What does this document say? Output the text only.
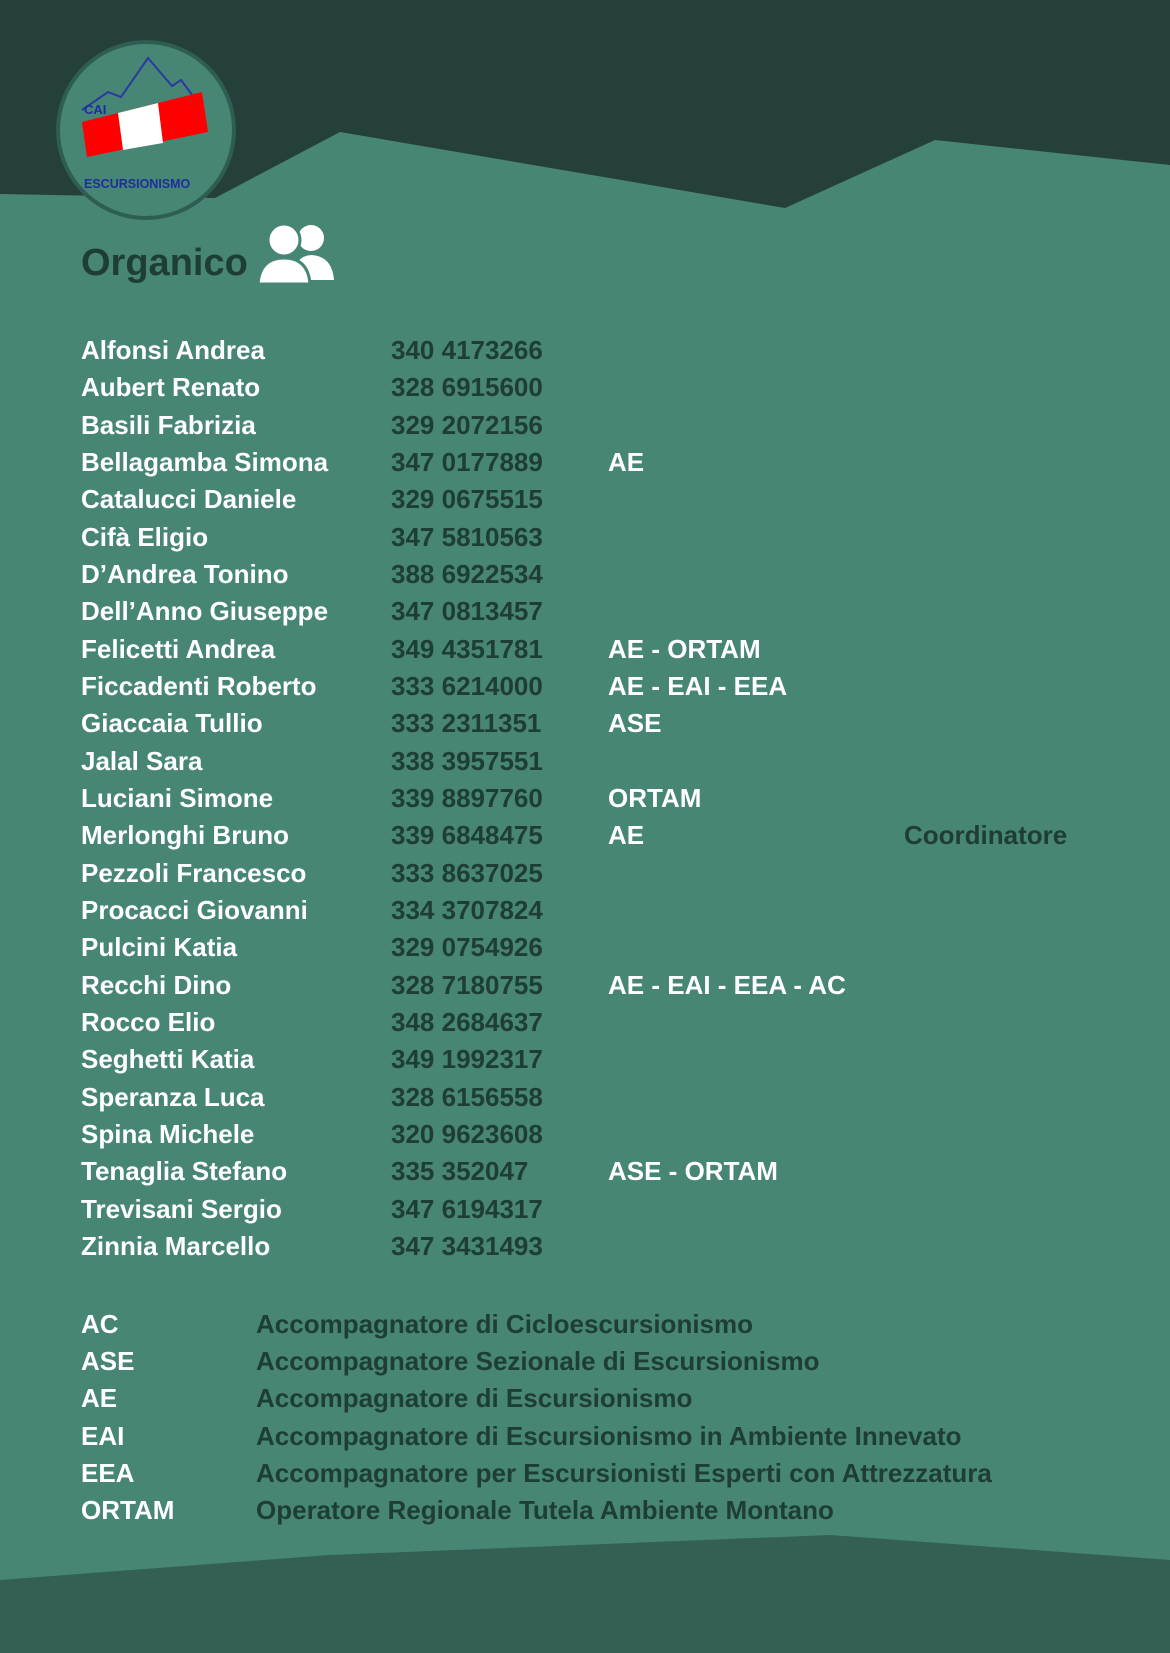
CAI
ESCURSIONISMO
Organico
Alfonsi Andrea	340 4173266
Aubert Renato	328 6915600
Basili Fabrizia	329 2072156
Bellagamba Simona 347 0177889	AE
Catalucci Daniele	329 0675515
Cifà Eligio	347 5810563
D’Andrea Tonino	388 6922534
Dell’Anno Giuseppe 347 0813457
Felicetti Andrea	349 4351781	AE - ORTAM
Ficcadenti Roberto	333 6214000	AE - EAI - EEA
Giaccaia Tullio	333 2311351	ASE
Jalal Sara	338 3957551
Luciani Simone	339 8897760	ORTAM
Merlonghi Bruno	339 6848475	AE	Coordinatore
Pezzoli Francesco	333 8637025
Procacci Giovanni	334 3707824
Pulcini Katia	329 0754926
Recchi Dino	328 7180755	AE - EAI - EEA - AC
Rocco Elio	348 2684637
Seghetti Katia	349 1992317
Speranza Luca	328 6156558
Spina Michele	320 9623608
Tenaglia Stefano	335 352047	ASE - ORTAM
Trevisani Sergio	347 6194317
Zinnia Marcello	347 3431493
AC	Accompagnatore di Cicloescursionismo
ASE	Accompagnatore Sezionale di Escursionismo
AE	Accompagnatore di Escursionismo
EAI	Accompagnatore di Escursionismo in Ambiente Innevato
EEA	Accompagnatore per Escursionisti Esperti con Attrezzatura
ORTAM	Operatore Regionale Tutela Ambiente Montano
